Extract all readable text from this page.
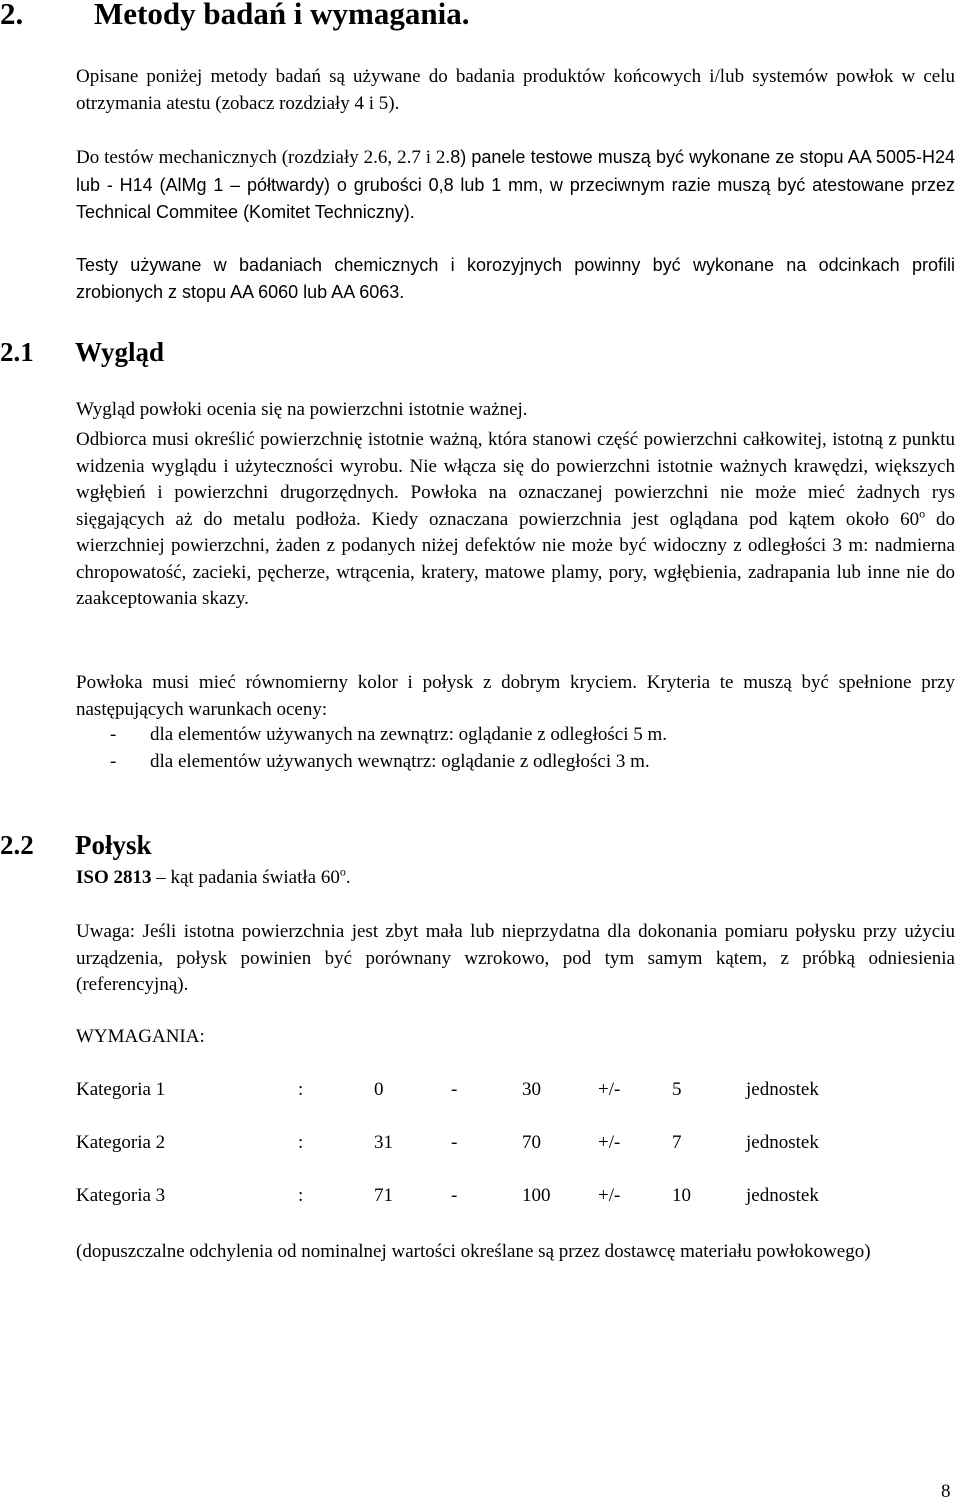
2. Metody badań i wymagania.
Opisane poniżej metody badań są używane do badania produktów końcowych i/lub systemów powłok w celu otrzymania atestu (zobacz rozdziały 4 i 5).
Do testów mechanicznych (rozdziały 2.6, 2.7 i 2.8) panele testowe muszą być wykonane ze stopu AA 5005-H24 lub - H14 (AlMg 1 – półtwardy) o grubości 0,8 lub 1 mm, w przeciwnym razie muszą być atestowane przez Technical Commitee (Komitet Techniczny).
Testy używane w badaniach chemicznych i korozyjnych powinny być wykonane na odcinkach profili zrobionych z stopu AA 6060 lub AA 6063.
2.1 Wygląd
Wygląd powłoki ocenia się na powierzchni istotnie ważnej.
Odbiorca musi określić powierzchnię istotnie ważną, która stanowi część powierzchni całkowitej, istotną z punktu widzenia wyglądu i użyteczności wyrobu. Nie włącza się do powierzchni istotnie ważnych krawędzi, większych wgłębień i powierzchni drugorzędnych. Powłoka na oznaczanej powierzchni nie może mieć żadnych rys sięgających aż do metalu podłoża. Kiedy oznaczana powierzchnia jest oglądana pod kątem około 60$^o$ do wierzchniej powierzchni, żaden z podanych niżej defektów nie może być widoczny z odległości 3 m: nadmierna chropowatość, zacieki, pęcherze, wtrącenia, kratery, matowe plamy, pory, wgłębienia, zadrapania lub inne nie do zaakceptowania skazy.
Powłoka musi mieć równomierny kolor i połysk z dobrym kryciem. Kryteria te muszą być spełnione przy następujących warunkach oceny:
- dla elementów używanych na zewnątrz: oglądanie z odległości 5 m.
- dla elementów używanych wewnątrz: oglądanie z odległości 3 m.
2.2 Połysk
ISO 2813 – kąt padania światła 60$^o$.
Uwaga: Jeśli istotna powierzchnia jest zbyt mała lub nieprzydatna dla dokonania pomiaru połysku przy użyciu urządzenia, połysk powinien być porównany wzrokowo, pod tym samym kątem, z próbką odniesienia (referencyjną).
WYMAGANIA:
Kategoria 1	:	0	-	30	+/-	5	jednostek
Kategoria 2	:	31	-	70	+/-	7	jednostek
Kategoria 3	:	71	-	100	+/-	10	jednostek
(dopuszczalne odchylenia od nominalnej wartości określane są przez dostawcę materiału powłokowego)
8
